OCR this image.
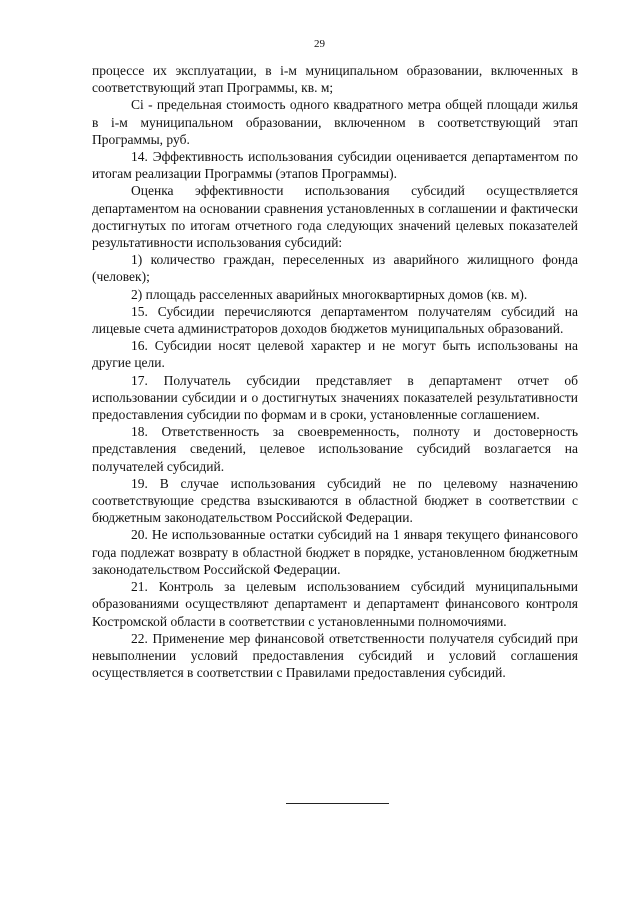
29

процессе их эксплуатации, в i-м муниципальном образовании, включенных в соответствующий этап Программы, кв. м;

Ci - предельная стоимость одного квадратного метра общей площади жилья в i-м муниципальном образовании, включенном в соответствующий этап Программы, руб.

14. Эффективность использования субсидии оценивается департаментом по итогам реализации Программы (этапов Программы).

Оценка эффективности использования субсидий осуществляется департаментом на основании сравнения установленных в соглашении и фактически достигнутых по итогам отчетного года следующих значений целевых показателей результативности использования субсидий:

1) количество граждан, переселенных из аварийного жилищного фонда (человек);

2) площадь расселенных аварийных многоквартирных домов (кв. м).

15. Субсидии перечисляются департаментом получателям субсидий на лицевые счета администраторов доходов бюджетов муниципальных образований.

16. Субсидии носят целевой характер и не могут быть использованы на другие цели.

17. Получатель субсидии представляет в департамент отчет об использовании субсидии и о достигнутых значениях показателей результативности предоставления субсидии по формам и в сроки, установленные соглашением.

18. Ответственность за своевременность, полноту и достоверность представления сведений, целевое использование субсидий возлагается на получателей субсидий.

19. В случае использования субсидий не по целевому назначению соответствующие средства взыскиваются в областной бюджет в соответствии с бюджетным законодательством Российской Федерации.

20. Не использованные остатки субсидий на 1 января текущего финансового года подлежат возврату в областной бюджет в порядке, установленном бюджетным законодательством Российской Федерации.

21. Контроль за целевым использованием субсидий муниципальными образованиями осуществляют департамент и департамент финансового контроля Костромской области в соответствии с установленными полномочиями.

22. Применение мер финансовой ответственности получателя субсидий при невыполнении условий предоставления субсидий и условий соглашения осуществляется в соответствии с Правилами предоставления субсидий.
